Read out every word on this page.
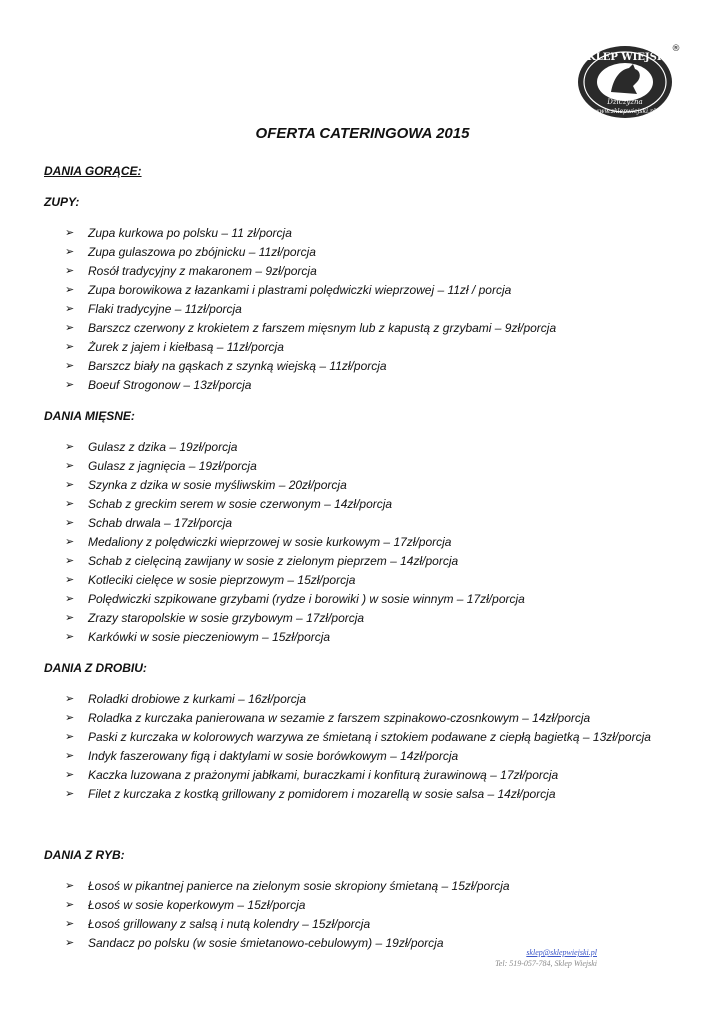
SKLEP WIEJSKI
Dziczyzna
www.sklepwiejski.pl
®
OFERTA CATERINGOWA 2015

DANIA GORĄCE:

ZUPY:

➢ Zupa kurkowa po polsku – 11 zł/porcja
➢ Zupa gulaszowa po zbójnicku – 11zł/porcja
➢ Rosół tradycyjny z makaronem – 9zł/porcja
➢ Zupa borowikowa z łazankami i plastrami polędwiczki wieprzowej – 11zł / porcja
➢ Flaki tradycyjne – 11zł/porcja
➢ Barszcz czerwony z krokietem z farszem mięsnym lub z kapustą z grzybami – 9zł/porcja
➢ Żurek z jajem i kiełbasą – 11zł/porcja
➢ Barszcz biały na gąskach z szynką wiejską – 11zł/porcja
➢ Boeuf Strogonow – 13zł/porcja

DANIA MIĘSNE:

➢ Gulasz z dzika – 19zł/porcja
➢ Gulasz z jagnięcia – 19zł/porcja
➢ Szynka z dzika w sosie myśliwskim – 20zł/porcja
➢ Schab z greckim serem w sosie czerwonym – 14zł/porcja
➢ Schab drwala – 17zł/porcja
➢ Medaliony z polędwiczki wieprzowej w sosie kurkowym – 17zł/porcja
➢ Schab z cielęciną zawijany w sosie z zielonym pieprzem – 14zł/porcja
➢ Kotleciki cielęce w sosie pieprzowym – 15zł/porcja
➢ Polędwiczki szpikowane grzybami (rydze i borowiki ) w sosie winnym – 17zł/porcja
➢ Zrazy staropolskie w sosie grzybowym – 17zł/porcja
➢ Karkówki w sosie pieczeniowym – 15zł/porcja

DANIA Z DROBIU:

➢ Roladki drobiowe z kurkami – 16zł/porcja
➢ Roladka z kurczaka panierowana w sezamie z farszem szpinakowo-czosnkowym – 14zł/porcja
➢ Paski z kurczaka w kolorowych warzywa ze śmietaną i sztokiem podawane z ciepłą bagietką – 13zł/porcja
➢ Indyk faszerowany figą i daktylami w sosie borówkowym – 14zł/porcja
➢ Kaczka luzowana z prażonymi jabłkami, buraczkami i konfiturą żurawinową – 17zł/porcja
➢ Filet z kurczaka z kostką grillowany z pomidorem i mozarellą w sosie salsa – 14zł/porcja

DANIA Z RYB:

➢ Łosoś w pikantnej panierce na zielonym sosie skropiony śmietaną – 15zł/porcja
➢ Łosoś w sosie koperkowym – 15zł/porcja
➢ Łosoś grillowany z salsą i nutą kolendry – 15zł/porcja
➢ Sandacz po polsku (w sosie śmietanowo-cebulowym) – 19zł/porcja
sklep@sklepwiejski.pl
Tel: 519-057-784, Sklep Wiejski
